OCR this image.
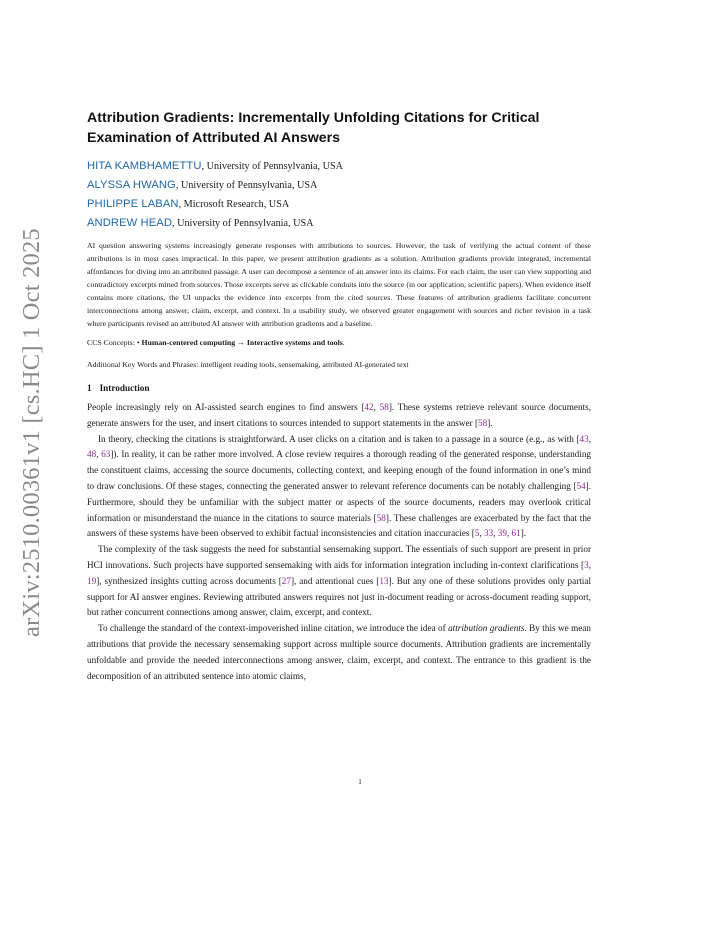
arXiv:2510.00361v1 [cs.HC] 1 Oct 2025
Attribution Gradients: Incrementally Unfolding Citations for Critical Examination of Attributed AI Answers
HITA KAMBHAMETTU, University of Pennsylvania, USA
ALYSSA HWANG, University of Pennsylvania, USA
PHILIPPE LABAN, Microsoft Research, USA
ANDREW HEAD, University of Pennsylvania, USA

AI question answering systems increasingly generate responses with attributions to sources. However, the task of verifying the actual content of these attributions is in most cases impractical. In this paper, we present attribution gradients as a solution. Attribution gradients provide integrated, incremental affordances for diving into an attributed passage. A user can decompose a sentence of an answer into its claims. For each claim, the user can view supporting and contradictory excerpts mined from sources. Those excerpts serve as clickable conduits into the source (in our application, scientific papers). When evidence itself contains more citations, the UI unpacks the evidence into excerpts from the cited sources. These features of attribution gradients facilitate concurrent interconnections among answer, claim, excerpt, and context. In a usability study, we observed greater engagement with sources and richer revision in a task where participants revised an attributed AI answer with attribution gradients and a baseline.

CCS Concepts: • Human-centered computing → Interactive systems and tools.

Additional Key Words and Phrases: intelligent reading tools, sensemaking, attributed AI-generated text

1 Introduction

People increasingly rely on AI-assisted search engines to find answers [42, 58]. These systems retrieve relevant source documents, generate answers for the user, and insert citations to sources intended to support statements in the answer [58].

In theory, checking the citations is straightforward. A user clicks on a citation and is taken to a passage in a source (e.g., as with [43, 48, 63]). In reality, it can be rather more involved. A close review requires a thorough reading of the generated response, understanding the constituent claims, accessing the source documents, collecting context, and keeping enough of the found information in one’s mind to draw conclusions. Of these stages, connecting the generated answer to relevant reference documents can be notably challenging [54]. Furthermore, should they be unfamiliar with the subject matter or aspects of the source documents, readers may overlook critical information or misunderstand the nuance in the citations to source materials [58]. These challenges are exacerbated by the fact that the answers of these systems have been observed to exhibit factual inconsistencies and citation inaccuracies [5, 33, 39, 61].

The complexity of the task suggests the need for substantial sensemaking support. The essentials of such support are present in prior HCI innovations. Such projects have supported sensemaking with aids for information integration including in-context clarifications [3, 19], synthesized insights cutting across documents [27], and attentional cues [13]. But any one of these solutions provides only partial support for AI answer engines. Reviewing attributed answers requires not just in-document reading or across-document reading support, but rather concurrent connections among answer, claim, excerpt, and context.

To challenge the standard of the context-impoverished inline citation, we introduce the idea of attribution gradients. By this we mean attributions that provide the necessary sensemaking support across multiple source documents. Attribution gradients are incrementally unfoldable and provide the needed interconnections among answer, claim, excerpt, and context. The entrance to this gradient is the decomposition of an attributed sentence into atomic claims,

1
